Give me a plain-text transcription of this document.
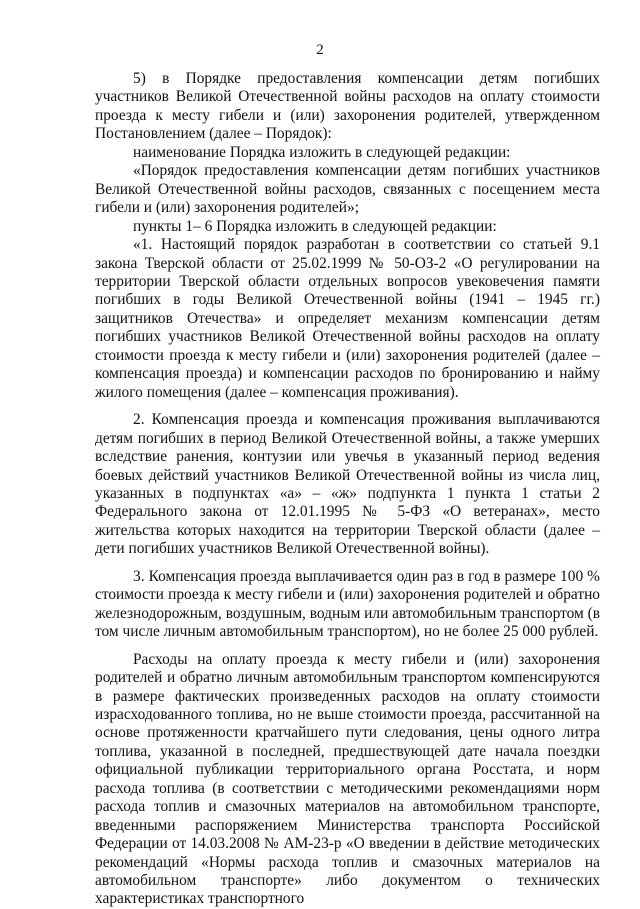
2

5) в Порядке предоставления компенсации детям погибших участников Великой Отечественной войны расходов на оплату стоимости проезда к месту гибели и (или) захоронения родителей, утвержденном Постановлением (далее – Порядок):

наименование Порядка изложить в следующей редакции:

«Порядок предоставления компенсации детям погибших участников Великой Отечественной войны расходов, связанных с посещением места гибели и (или) захоронения родителей»;

пункты 1– 6 Порядка изложить в следующей редакции:

«1. Настоящий порядок разработан в соответствии со статьей 9.1 закона Тверской области от 25.02.1999 № 50-ОЗ-2 «О регулировании на территории Тверской области отдельных вопросов увековечения памяти погибших в годы Великой Отечественной войны (1941 – 1945 гг.) защитников Отечества» и определяет механизм компенсации детям погибших участников Великой Отечественной войны расходов на оплату стоимости проезда к месту гибели и (или) захоронения родителей (далее – компенсация проезда) и компенсации расходов по бронированию и найму жилого помещения (далее – компенсация проживания).

2. Компенсация проезда и компенсация проживания выплачиваются детям погибших в период Великой Отечественной войны, а также умерших вследствие ранения, контузии или увечья в указанный период ведения боевых действий участников Великой Отечественной войны из числа лиц, указанных в подпунктах «а» – «ж» подпункта 1 пункта 1 статьи 2 Федерального закона от 12.01.1995 № 5-ФЗ «О ветеранах», место жительства которых находится на территории Тверской области (далее – дети погибших участников Великой Отечественной войны).

3. Компенсация проезда выплачивается один раз в год в размере 100 % стоимости проезда к месту гибели и (или) захоронения родителей и обратно железнодорожным, воздушным, водным или автомобильным транспортом (в том числе личным автомобильным транспортом), но не более 25 000 рублей.

Расходы на оплату проезда к месту гибели и (или) захоронения родителей и обратно личным автомобильным транспортом компенсируются в размере фактических произведенных расходов на оплату стоимости израсходованного топлива, но не выше стоимости проезда, рассчитанной на основе протяженности кратчайшего пути следования, цены одного литра топлива, указанной в последней, предшествующей дате начала поездки официальной публикации территориального органа Росстата, и норм расхода топлива (в соответствии с методическими рекомендациями норм расхода топлив и смазочных материалов на автомобильном транспорте, введенными распоряжением Министерства транспорта Российской Федерации от 14.03.2008 № АМ-23-р «О введении в действие методических рекомендаций «Нормы расхода топлив и смазочных материалов на автомобильном транспорте» либо документом о технических характеристиках транспортного
